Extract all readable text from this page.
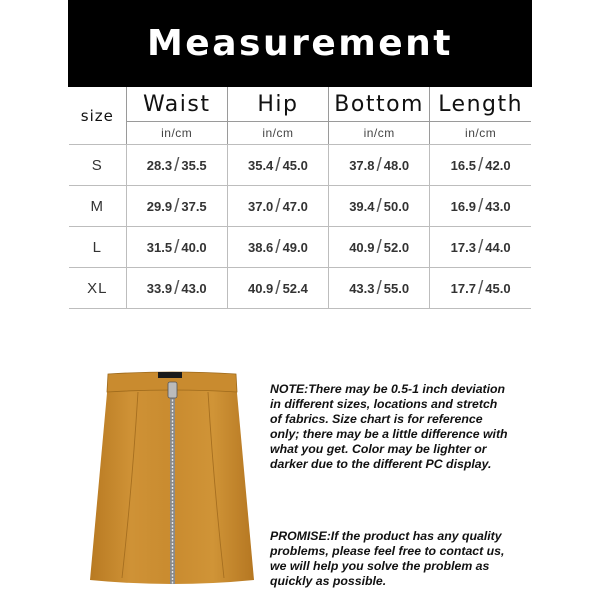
Measurement
size	Waist	Hip	Bottom	Length
	in/cm	in/cm	in/cm	in/cm
S	28.3 / 35.5	35.4 / 45.0	37.8 / 48.0	16.5 / 42.0
M	29.9 / 37.5	37.0 / 47.0	39.4 / 50.0	16.9 / 43.0
L	31.5 / 40.0	38.6 / 49.0	40.9 / 52.0	17.3 / 44.0
XL	33.9 / 43.0	40.9 / 52.4	43.3 / 55.0	17.7 / 45.0
NOTE:There may be 0.5-1 inch deviation in different sizes, locations and stretch of fabrics. Size chart is for reference only; there may be a little difference with what you get. Color may be lighter or darker due to the different PC display.
PROMISE:If the product has any quality problems, please feel free to contact us, we will help you solve the problem as quickly as possible.
